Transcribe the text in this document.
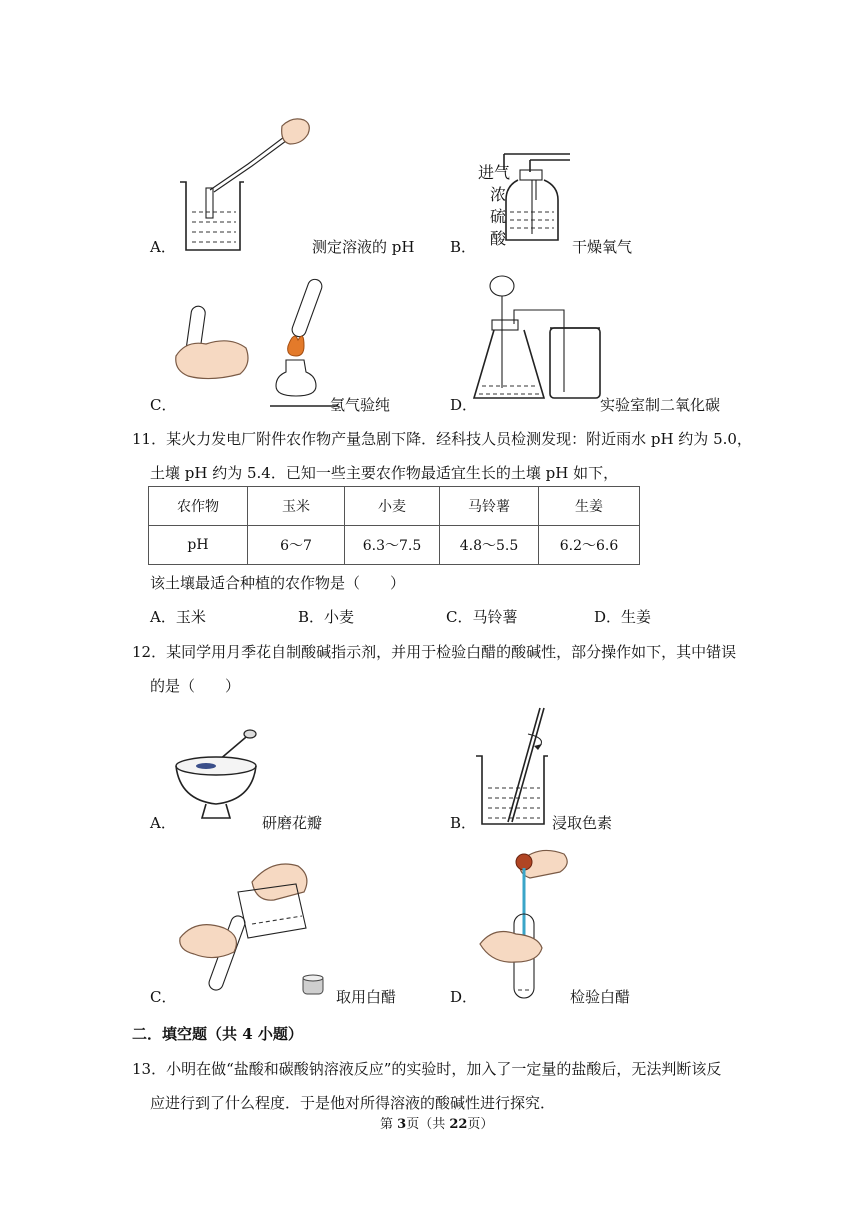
A．	测定溶液的 pH
进气
浓
硫
酸
B．	干燥氧气
C．	氢气验纯	D．	实验室制二氧化碳
11．某火力发电厂附件农作物产量急剧下降．经科技人员检测发现：附近雨水 pH 约为 5.0，
土壤 pH 约为 5.4．已知一些主要农作物最适宜生长的土壤 pH 如下，
农作物	玉米	小麦	马铃薯	生姜
pH	6～7	6.3～7.5	4.8～5.5	6.2～6.6
该土壤最适合种植的农作物是（　　）
A．玉米	B．小麦	C．马铃薯	D．生姜
12．某同学用月季花自制酸碱指示剂，并用于检验白醋的酸碱性，部分操作如下，其中错误
的是（　　）
A．	研磨花瓣	B．	浸取色素
C．	取用白醋	D．	检验白醋
二．填空题（共 4 小题）
13．小明在做“盐酸和碳酸钠溶液反应”的实验时，加入了一定量的盐酸后，无法判断该反
应进行到了什么程度．于是他对所得溶液的酸碱性进行探究．
第 3页（共 22页）
